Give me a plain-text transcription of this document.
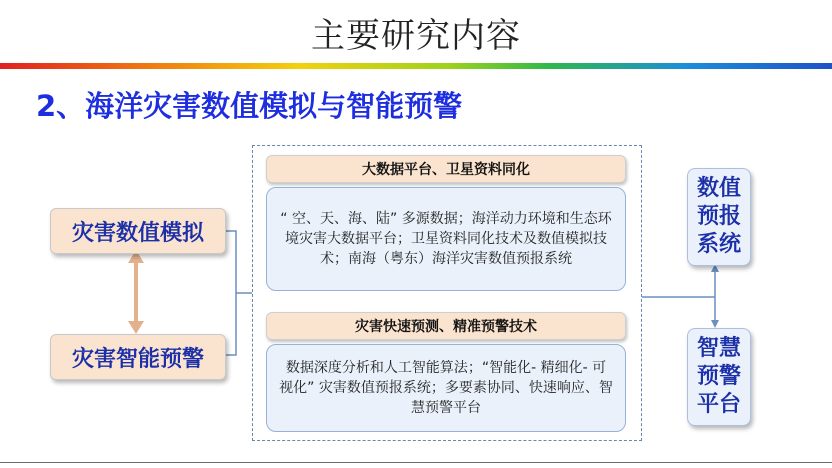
主要研究内容
2、海洋灾害数值模拟与智能预警
灾害数值模拟
灾害智能预警
大数据平台、卫星资料同化
“ 空、天、海、陆” 多源数据；海洋动力环境和生态环境灾害大数据平台；卫星资料同化技术及数值模拟技术；南海（粤东）海洋灾害数值预报系统
灾害快速预测、精准预警技术
数据深度分析和人工智能算法；“智能化- 精细化- 可视化” 灾害数值预报系统；多要素协同、快速响应、智慧预警平台
数值预报系统
智慧预警平台
